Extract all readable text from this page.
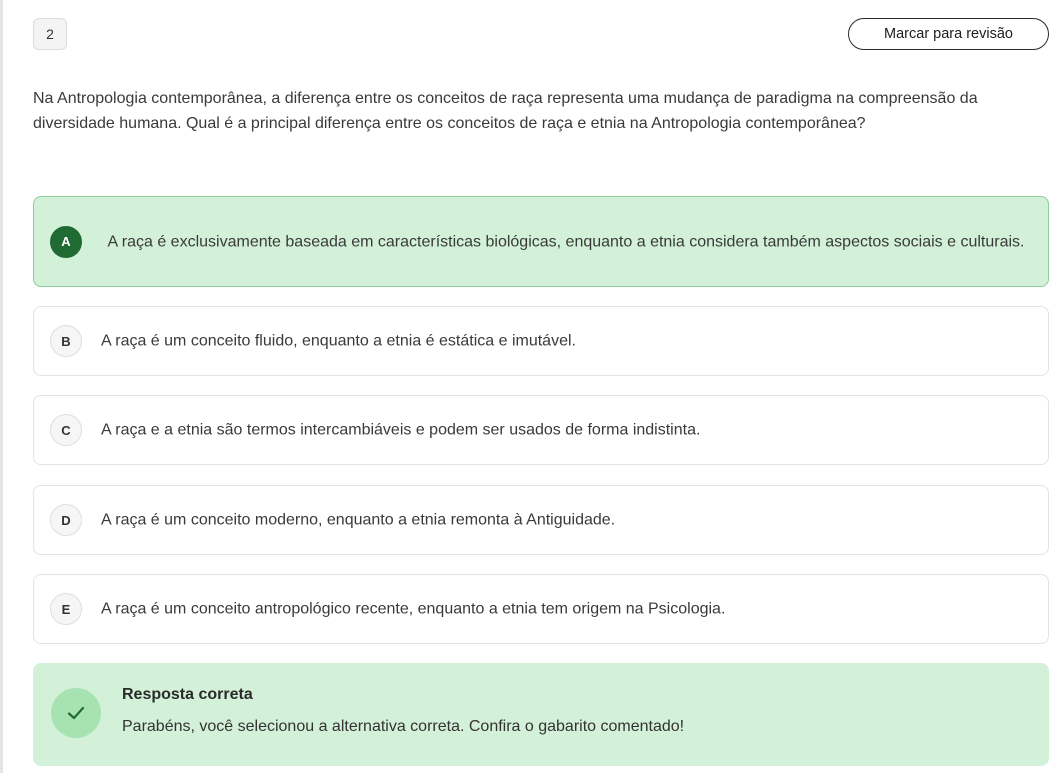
2	Marcar para revisão

Na Antropologia contemporânea, a diferença entre os conceitos de raça representa uma mudança de paradigma na compreensão da diversidade humana. Qual é a principal diferença entre os conceitos de raça e etnia na Antropologia contemporânea?

A	A raça é exclusivamente baseada em características biológicas, enquanto a etnia considera também aspectos sociais e culturais.
B	A raça é um conceito fluido, enquanto a etnia é estática e imutável.
C	A raça e a etnia são termos intercambiáveis e podem ser usados de forma indistinta.
D	A raça é um conceito moderno, enquanto a etnia remonta à Antiguidade.
E	A raça é um conceito antropológico recente, enquanto a etnia tem origem na Psicologia.
Resposta correta
Parabéns, você selecionou a alternativa correta. Confira o gabarito comentado!
